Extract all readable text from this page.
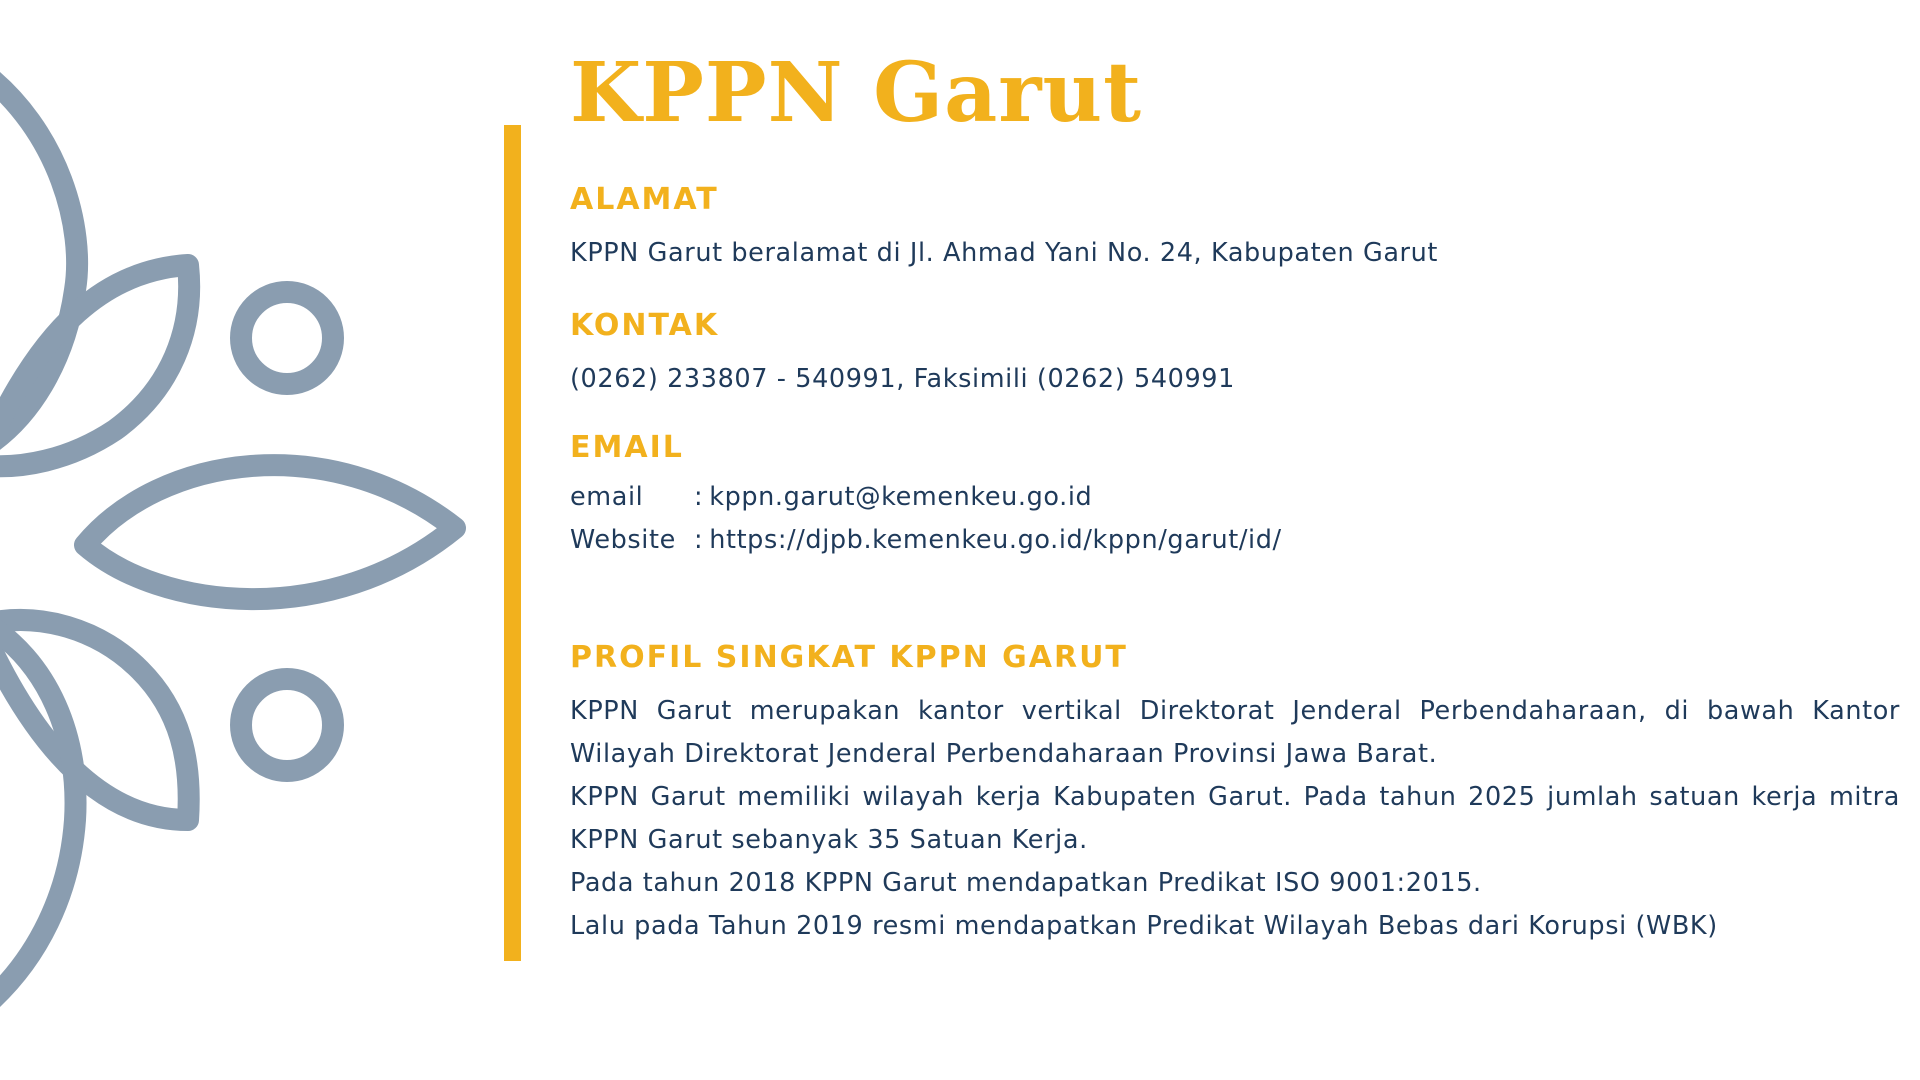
KPPN Garut
ALAMAT

KPPN Garut beralamat di Jl. Ahmad Yani No. 24, Kabupaten Garut

KONTAK

(0262) 233807 - 540991, Faksimili (0262) 540991

EMAIL
email	: kppn.garut@kemenkeu.go.id
Website : https://djpb.kemenkeu.go.id/kppn/garut/id/
PROFIL SINGKAT KPPN GARUT

KPPN Garut merupakan kantor vertikal Direktorat Jenderal Perbendaharaan, di bawah Kantor Wilayah Direktorat Jenderal Perbendaharaan Provinsi Jawa Barat.

KPPN Garut memiliki wilayah kerja Kabupaten Garut. Pada tahun 2025 jumlah satuan kerja mitra KPPN Garut sebanyak 35 Satuan Kerja.

Pada tahun 2018 KPPN Garut mendapatkan Predikat ISO 9001:2015.

Lalu pada Tahun 2019 resmi mendapatkan Predikat Wilayah Bebas dari Korupsi (WBK)
